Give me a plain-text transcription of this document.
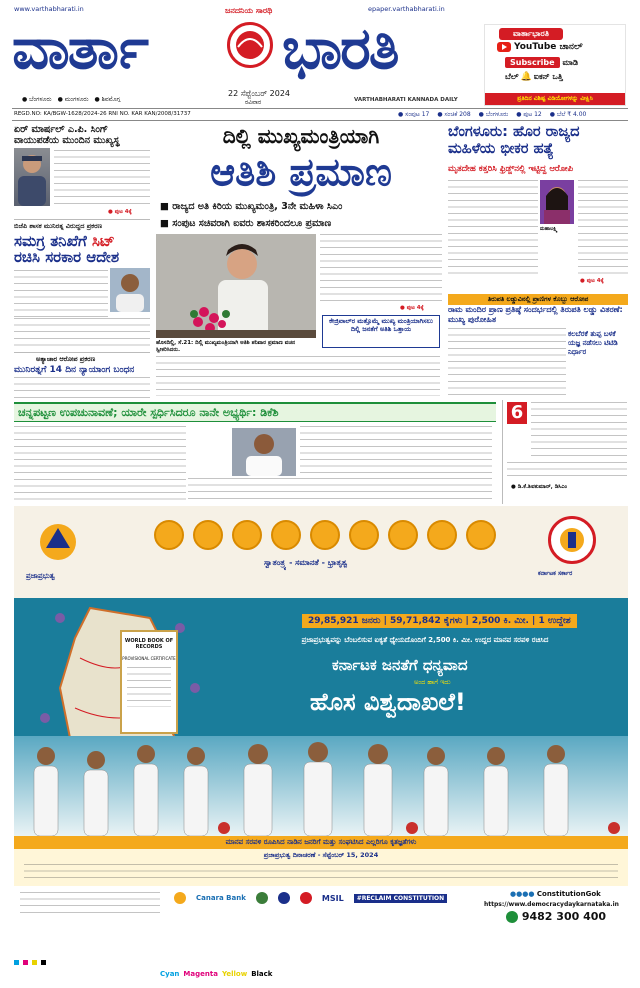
www.varthabharati.in	epaper.varthabharati.in
ಜನದನಿಯ ಸಾರಥಿ
ವಾರ್ತಾ ಭಾರತಿ
● ಬೆಂಗಳೂರು ● ಮಂಗಳೂರು ● ಶಿವಮೊಗ್ಗ
22 ಸೆಪ್ಟೆಂಬರ್ 2024
ರವಿವಾರ	VARTHABHARATI KANNADA DAILY
ವಾರ್ತಾಭಾರತಿ
YouTube ಚಾನಲ್
Subscribe	ಮಾಡಿ
ಬೆಲ್ 🔔 ಐಕನ್ ಒತ್ತಿ
ಪ್ರತಿದಿನ ವಿಶಿಷ್ಟ ವಿಡಿಯೋಗಳನ್ನು ವೀಕ್ಷಿಸಿ
REGD.NO: KA/BGW-1628/2024-26 RNI NO. KAR KAN/2008/31737	● ಸಂಪುಟ 17 ● ಸಂಚಿಕೆ 208 ● ಬೆಂಗಳೂರು ● ಪುಟ 12 ● ಬೆಲೆ ₹ 4.00
ಏರ್ ಮಾರ್ಷಲ್ ಎ.ಪಿ. ಸಿಂಗ್ ವಾಯುಪಡೆಯ ಮುಂದಿನ ಮುಖ್ಯಸ್ಥ
● ಪುಟ 4ಕ್ಕೆ
ಬಿಜೆಪಿ ಶಾಸಕ ಮುನಿರತ್ನ ವಿರುದ್ಧದ ಪ್ರಕರಣ
ಸಮಗ್ರ ತನಿಖೆಗೆ ಸಿಟ್
ರಚಿಸಿ ಸರಕಾರ ಆದೇಶ
ಅತ್ಯಾಚಾರ ಆರೋಪ ಪ್ರಕರಣ
ಮುನಿರತ್ನಗೆ 14 ದಿನ ನ್ಯಾಯಾಂಗ ಬಂಧನ
ದಿಲ್ಲಿ ಮುಖ್ಯಮಂತ್ರಿಯಾಗಿ
ಆತಿಶಿ ಪ್ರಮಾಣ
■ ರಾಜ್ಯದ ಅತಿ ಕಿರಿಯ ಮುಖ್ಯಮಂತ್ರಿ, 3ನೇ ಮಹಿಳಾ ಸಿಎಂ
■ ಸಂಪುಟ ಸಚಿವರಾಗಿ ಐವರು ಶಾಸಕರಿಂದಲೂ ಪ್ರಮಾಣ
● ಪುಟ 4ಕ್ಕೆ
ಕೇಜ್ರಿವಾಲ್‌ರ ಮತ್ತೊಮ್ಮೆ ಮುಖ್ಯ ಮಂತ್ರಿಯಾಗಿಸಲು ದಿಲ್ಲಿ ಜನತೆಗೆ ಅತಿಶಿ ಒತ್ತಾಯ
ಹೊಸದಿಲ್ಲಿ, ಸೆ.21: ದಿಲ್ಲಿ ಮುಖ್ಯಮಂತ್ರಿಯಾಗಿ ಅತಿಶಿ ಶನಿವಾರ ಪ್ರಮಾಣ ವಚನ ಸ್ವೀಕರಿಸಿದರು.
ಬೆಂಗಳೂರು: ಹೊರ ರಾಜ್ಯದ ಮಹಿಳೆಯ ಭೀಕರ ಹತ್ಯೆ
ಮೃತದೇಹ ಕತ್ತರಿಸಿ ಫ್ರಿಡ್ಜ್‌ನಲ್ಲಿ ಇಟ್ಟಿದ್ದ ಆರೋಪಿ
ಮಹಾಲಕ್ಷ್ಮಿ
● ಪುಟ 4ಕ್ಕೆ
ತಿರುಪತಿ ಲಡ್ಡುವಿನಲ್ಲಿ ಪ್ರಾಣಿಗಳ ಕೊಬ್ಬು ಆರೋಪ
ರಾಮ ಮಂದಿರ ಪ್ರಾಣ ಪ್ರತಿಷ್ಠೆ ಸಂದರ್ಭದಲ್ಲಿ ತಿರುಪತಿ ಲಡ್ಡು ವಿತರಣೆ: ಮುಖ್ಯ ಪುರೋಹಿತ
ಕಲಬೆರಕೆ ತುಪ್ಪ ಬಳಕೆ ಯಜ್ಞ ನಡೆಸಲು ಟಿಟಿಡಿ ನಿರ್ಧಾರ
ಚನ್ನಪಟ್ಟಣ ಉಪಚುನಾವಣೆ; ಯಾರೇ ಸ್ಪರ್ಧಿಸಿದರೂ ನಾನೇ ಅಭ್ಯರ್ಥಿ: ಡಿಕೆಶಿ	6
● ಡಿ.ಕೆ.ಶಿವಕುಮಾರ್, ಡಿಸಿಎಂ
ಪ್ರಜಾಪ್ರಭುತ್ವ	ಕರ್ನಾಟಕ ಸರ್ಕಾರ
ಸ್ವಾತಂತ್ರ್ಯ - ಸಮಾನತೆ - ಭ್ರಾತೃತ್ವ
WORLD BOOK OF RECORDS
PROVISIONAL CERTIFICATE
29,85,921 ಜನರು | 59,71,842 ಕೈಗಳು | 2,500 ಕಿ. ಮೀ. | 1 ಉದ್ದೇಶ
ಪ್ರಜಾಪ್ರಭುತ್ವವನ್ನು ಬೆಂಬಲಿಸುವ ಐಕ್ಯತೆ ಧ್ಯೇಯದೊಂದಿಗೆ 2,500 ಕಿ. ಮೀ. ಉದ್ದದ ಮಾನವ ಸರಪಳಿ ರಚಿಸಿದ
ಕರ್ನಾಟಕ ಜನತೆಗೆ ಧನ್ಯವಾದ
ಅಂದ ಹಾಗೆ ಇದು
ಹೊಸ ವಿಶ್ವದಾಖಲೆ!
ಮಾನವ ಸರಪಳಿ ರೂಪಿಸಿದ ನಾಡಿನ ಜನರಿಗೆ ಮತ್ತು ಸಂಘಟಿಸಿದ ಎಲ್ಲರಿಗೂ ಕೃತಜ್ಞತೆಗಳು
ಪ್ರಜಾಪ್ರಭುತ್ವ ದಿನಾಚರಣೆ - ಸೆಪ್ಟೆಂಬರ್ 15, 2024
Canara Bank	MSIL	#RECLAIM CONSTITUTION	●●●● ConstitutionGok
https://www.democracydaykarnataka.in
9482 300 400
Cyan Magenta Yellow Black
